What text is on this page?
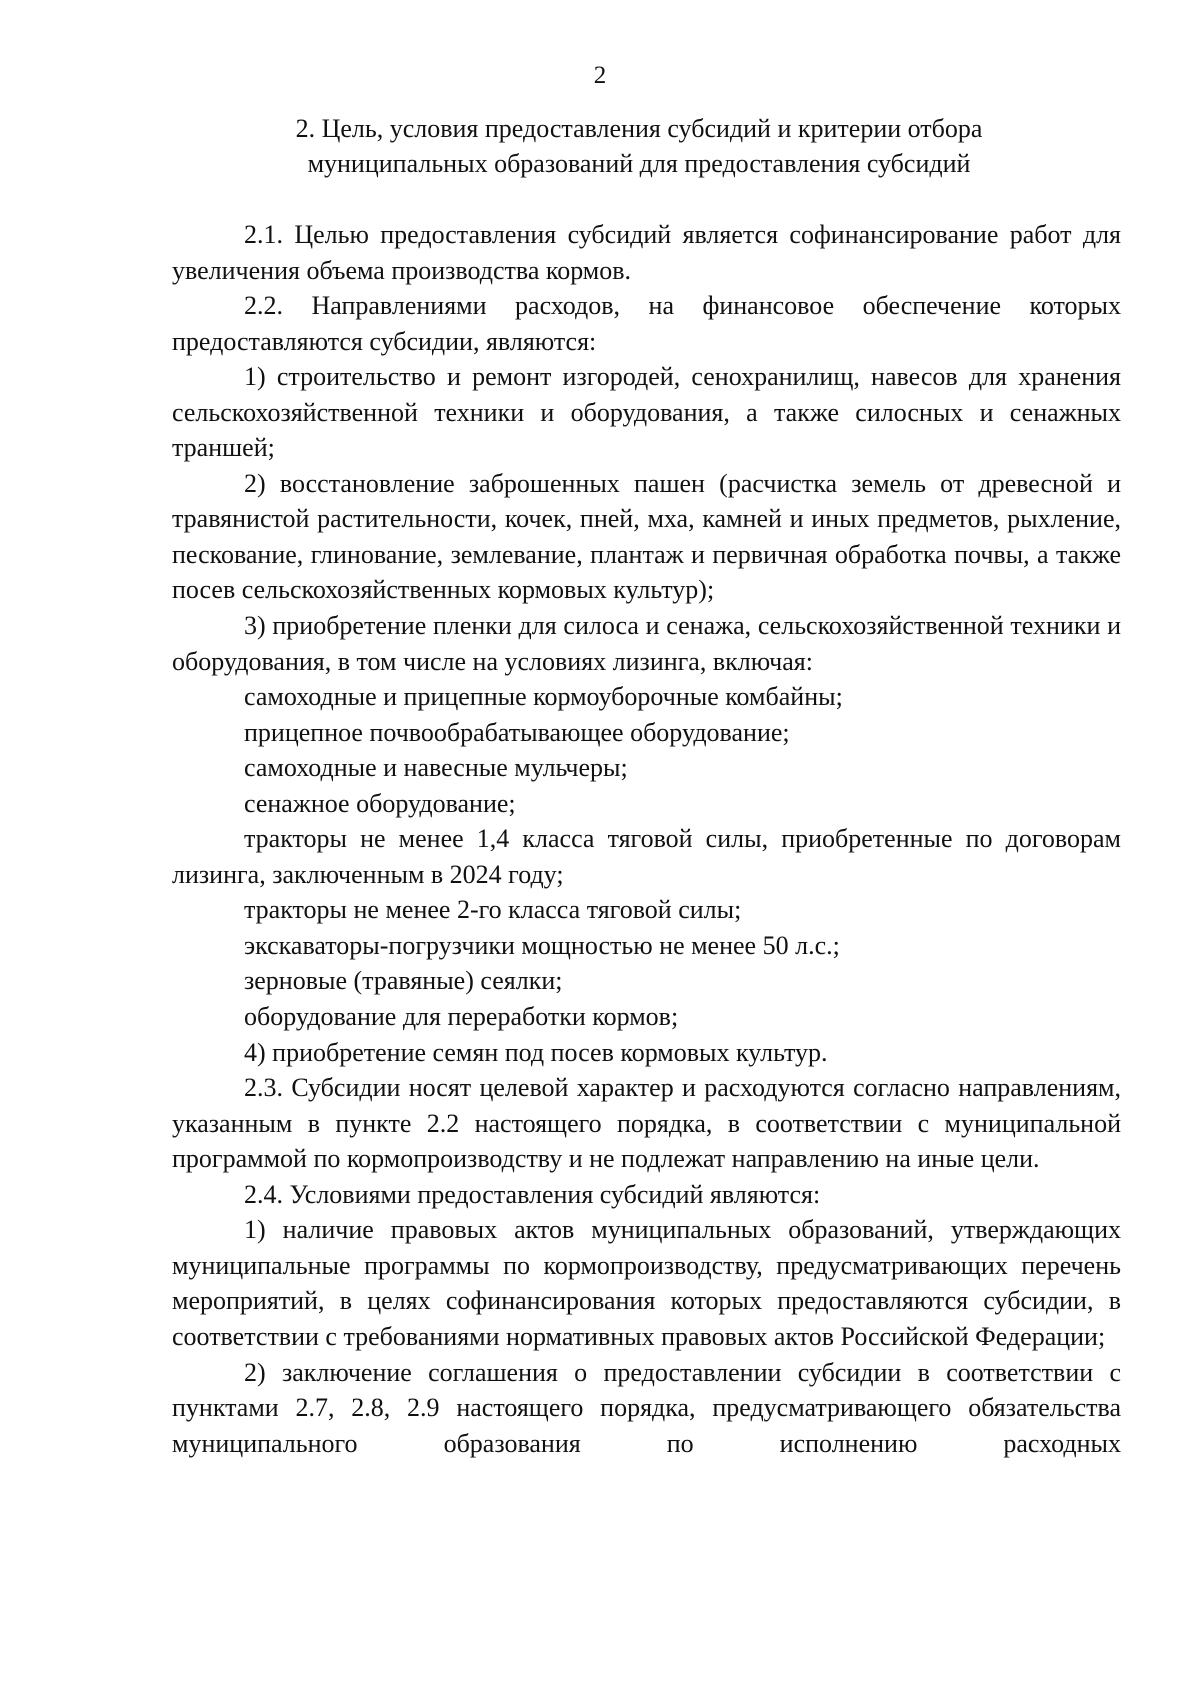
2
2. Цель, условия предоставления субсидий и критерии отбора
муниципальных образований для предоставления субсидий

2.1. Целью предоставления субсидий является софинансирование работ для увеличения объема производства кормов.

2.2. Направлениями расходов, на финансовое обеспечение которых предоставляются субсидии, являются:

1) строительство и ремонт изгородей, сенохранилищ, навесов для хранения сельскохозяйственной техники и оборудования, а также силосных и сенажных траншей;

2) восстановление заброшенных пашен (расчистка земель от древесной и травянистой растительности, кочек, пней, мха, камней и иных предметов, рыхление, пескование, глинование, землевание, плантаж и первичная обработка почвы, а также посев сельскохозяйственных кормовых культур);

3) приобретение пленки для силоса и сенажа, сельскохозяйственной техники и оборудования, в том числе на условиях лизинга, включая:

самоходные и прицепные кормоуборочные комбайны;

прицепное почвообрабатывающее оборудование;

самоходные и навесные мульчеры;

сенажное оборудование;

тракторы не менее 1,4 класса тяговой силы, приобретенные по договорам лизинга, заключенным в 2024 году;

тракторы не менее 2-го класса тяговой силы;

экскаваторы-погрузчики мощностью не менее 50 л.с.;

зерновые (травяные) сеялки;

оборудование для переработки кормов;

4) приобретение семян под посев кормовых культур.

2.3. Субсидии носят целевой характер и расходуются согласно направлениям, указанным в пункте 2.2 настоящего порядка, в соответствии с муниципальной программой по кормопроизводству и не подлежат направлению на иные цели.

2.4. Условиями предоставления субсидий являются:

1) наличие правовых актов муниципальных образований, утверждающих муниципальные программы по кормопроизводству, предусматривающих перечень мероприятий, в целях софинансирования которых предоставляются субсидии, в соответствии с требованиями нормативных правовых актов Российской Федерации;

2) заключение соглашения о предоставлении субсидии в соответствии с пунктами 2.7, 2.8, 2.9 настоящего порядка, предусматривающего обязательства муниципального образования по исполнению расходных
